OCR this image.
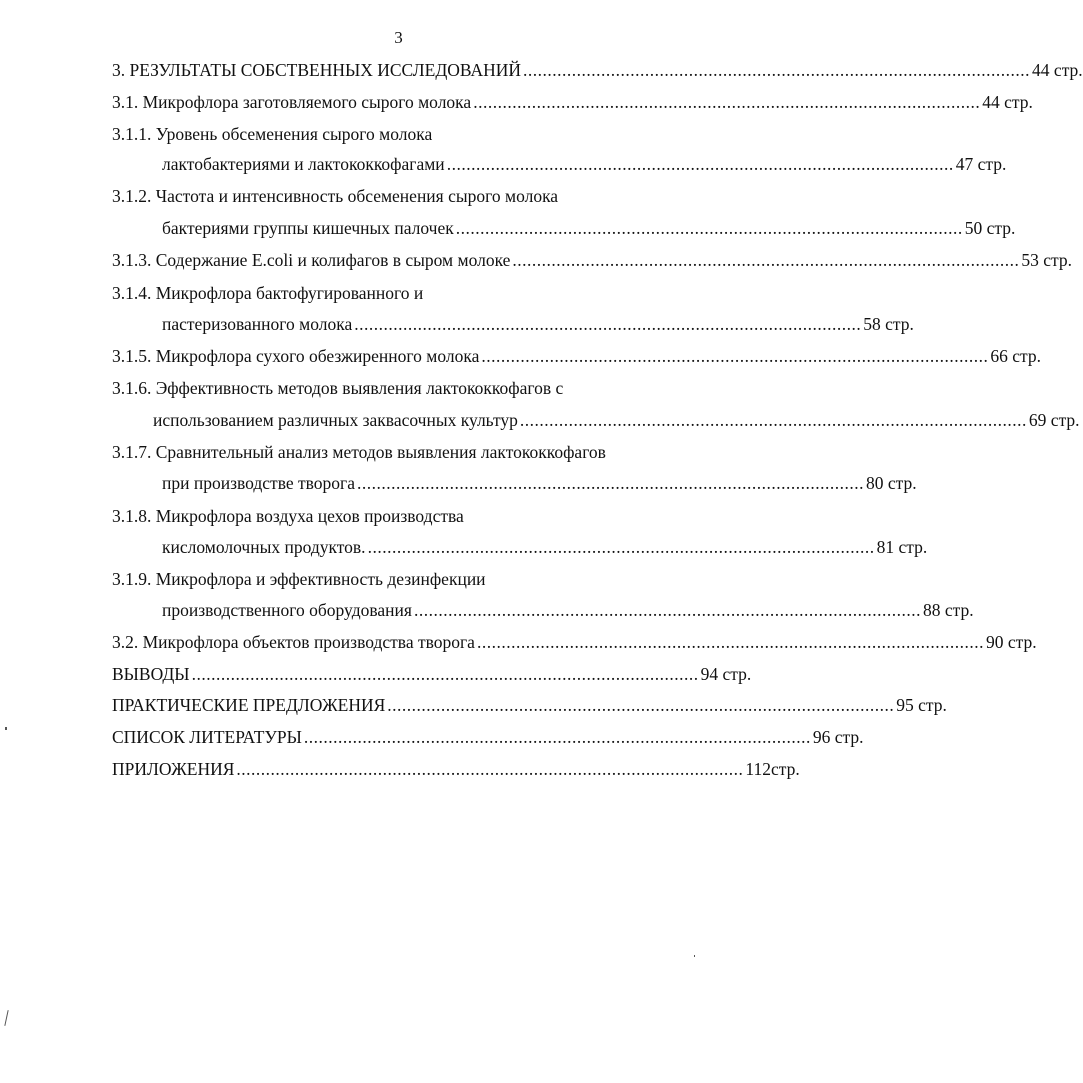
3
3. РЕЗУЛЬТАТЫ СОБСТВЕННЫХ ИССЛЕДОВАНИЙ ........................................................................................................ 44 стр.
3.1. Микрофлора заготовляемого сырого молока ........................................................................................................ 44 стр.
3.1.1. Уровень обсеменения сырого молока
лактобактериями и лактококкофагами ........................................................................................................ 47 стр.
3.1.2. Частота и интенсивность обсеменения сырого молока
бактериями группы кишечных палочек ........................................................................................................ 50 стр.
3.1.3. Содержание E.coli и колифагов в сыром молоке ........................................................................................................ 53 стр.
3.1.4. Микрофлора бактофугированного и
пастеризованного молока ........................................................................................................ 58 стр.
3.1.5. Микрофлора сухого обезжиренного молока ........................................................................................................ 66 стр.
3.1.6. Эффективность методов выявления лактококкофагов с
использованием различных заквасочных культур ........................................................................................................ 69 стр.
3.1.7. Сравнительный анализ методов выявления лактококкофагов
при производстве творога ........................................................................................................ 80 стр.
3.1.8. Микрофлора воздуха цехов производства
кисломолочных продуктов. ........................................................................................................ 81 стр.
3.1.9. Микрофлора и эффективность дезинфекции
производственного оборудования ........................................................................................................ 88 стр.
3.2. Микрофлора объектов производства творога ........................................................................................................ 90 стр.
ВЫВОДЫ ........................................................................................................ 94 стр.
ПРАКТИЧЕСКИЕ ПРЕДЛОЖЕНИЯ ........................................................................................................ 95 стр.
СПИСОК ЛИТЕРАТУРЫ ........................................................................................................ 96 стр.
ПРИЛОЖЕНИЯ ........................................................................................................ 112стр.
